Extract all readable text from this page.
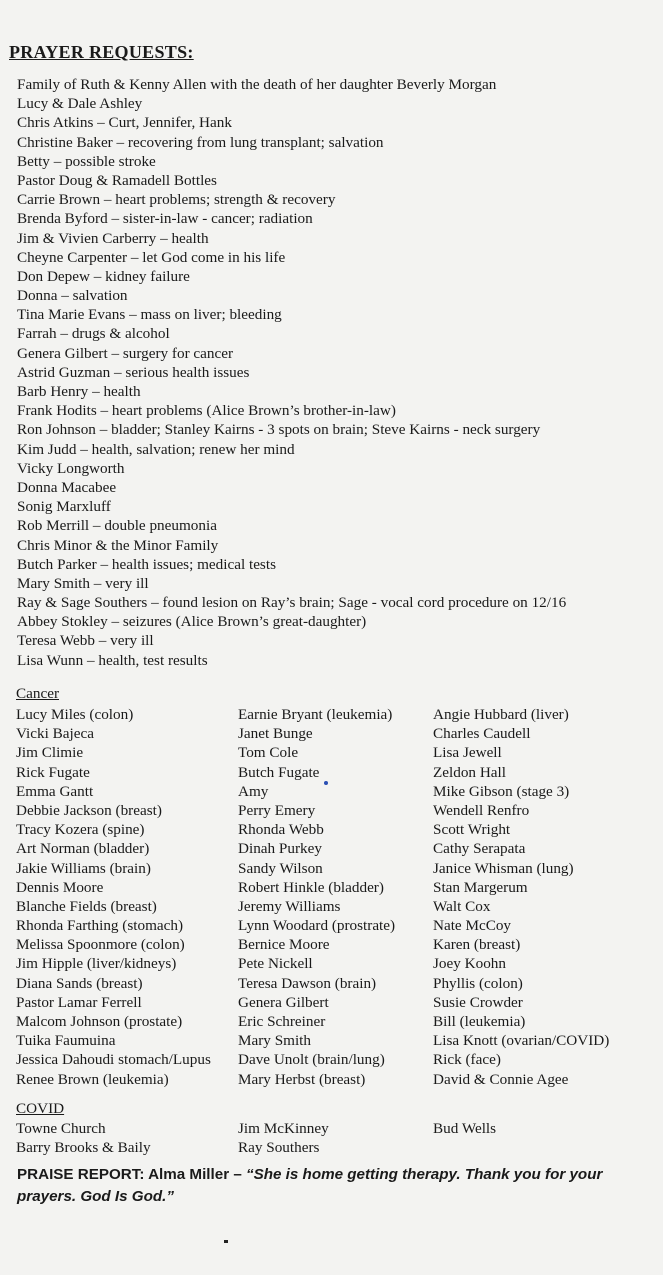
PRAYER REQUESTS:
Family of Ruth & Kenny Allen with the death of her daughter Beverly Morgan
Lucy & Dale Ashley
Chris Atkins – Curt, Jennifer, Hank
Christine Baker – recovering from lung transplant; salvation
Betty – possible stroke
Pastor Doug & Ramadell Bottles
Carrie Brown – heart problems; strength & recovery
Brenda Byford – sister-in-law - cancer; radiation
Jim & Vivien Carberry – health
Cheyne Carpenter – let God come in his life
Don Depew – kidney failure
Donna – salvation
Tina Marie Evans – mass on liver; bleeding
Farrah – drugs & alcohol
Genera Gilbert – surgery for cancer
Astrid Guzman – serious health issues
Barb Henry – health
Frank Hodits – heart problems (Alice Brown’s brother-in-law)
Ron Johnson – bladder; Stanley Kairns - 3 spots on brain; Steve Kairns - neck surgery
Kim Judd – health, salvation; renew her mind
Vicky Longworth
Donna Macabee
Sonig Marxluff
Rob Merrill – double pneumonia
Chris Minor & the Minor Family
Butch Parker – health issues; medical tests
Mary Smith – very ill
Ray & Sage Southers – found lesion on Ray’s brain; Sage - vocal cord procedure on 12/16
Abbey Stokley – seizures (Alice Brown’s great-daughter)
Teresa Webb – very ill
Lisa Wunn – health, test results
Cancer
Lucy Miles (colon)
Vicki Bajeca
Jim Climie
Rick Fugate
Emma Gantt
Debbie Jackson (breast)
Tracy Kozera (spine)
Art Norman (bladder)
Jakie Williams (brain)
Dennis Moore
Blanche Fields (breast)
Rhonda Farthing (stomach)
Melissa Spoonmore (colon)
Jim Hipple (liver/kidneys)
Diana Sands (breast)
Pastor Lamar Ferrell
Malcom Johnson (prostate)
Tuika Faumuina
Jessica Dahoudi stomach/Lupus
Renee Brown (leukemia)
Earnie Bryant (leukemia)
Janet Bunge
Tom Cole
Butch Fugate
Amy
Perry Emery
Rhonda Webb
Dinah Purkey
Sandy Wilson
Robert Hinkle (bladder)
Jeremy Williams
Lynn Woodard (prostrate)
Bernice Moore
Pete Nickell
Teresa Dawson (brain)
Genera Gilbert
Eric Schreiner
Mary Smith
Dave Unolt (brain/lung)
Mary Herbst (breast)
Angie Hubbard (liver)
Charles Caudell
Lisa Jewell
Zeldon Hall
Mike Gibson (stage 3)
Wendell Renfro
Scott Wright
Cathy Serapata
Janice Whisman (lung)
Stan Margerum
Walt Cox
Nate McCoy
Karen (breast)
Joey Koohn
Phyllis (colon)
Susie Crowder
Bill (leukemia)
Lisa Knott (ovarian/COVID)
Rick (face)
David & Connie Agee
COVID
Towne Church
Barry Brooks & Baily
Jim McKinney
Ray Southers
Bud Wells
PRAISE REPORT: Alma Miller – “She is home getting therapy. Thank you for your prayers. God Is God.”
